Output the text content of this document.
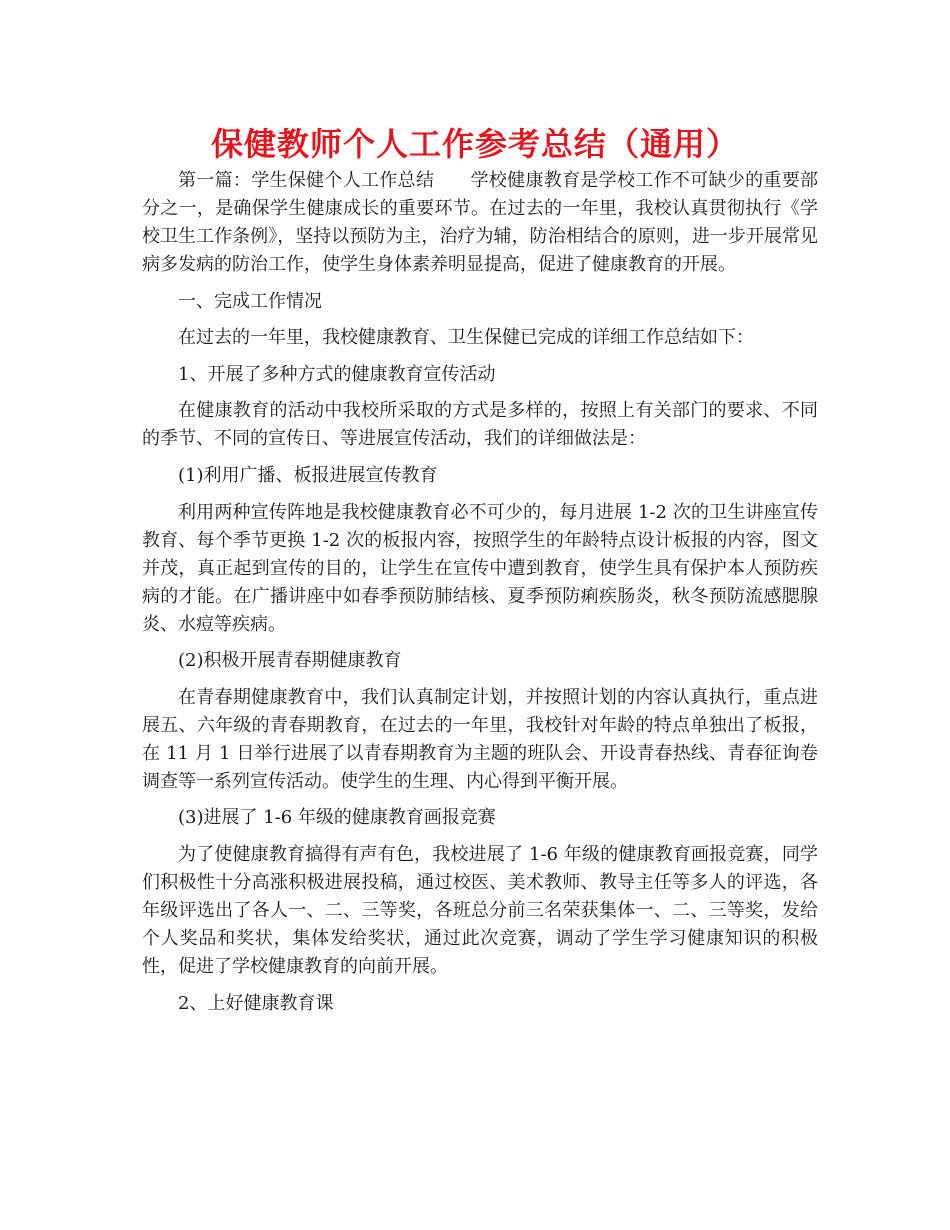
保健教师个人工作参考总结（通用）

第一篇：学生保健个人工作总结 学校健康教育是学校工作不可缺少的重要部分之一，是确保学生健康成长的重要环节。在过去的一年里，我校认真贯彻执行《学校卫生工作条例》，坚持以预防为主，治疗为辅，防治相结合的原则，进一步开展常见病多发病的防治工作，使学生身体素养明显提高，促进了健康教育的开展。

一、完成工作情况

在过去的一年里，我校健康教育、卫生保健已完成的详细工作总结如下：

1、开展了多种方式的健康教育宣传活动

在健康教育的活动中我校所采取的方式是多样的，按照上有关部门的要求、不同的季节、不同的宣传日、等进展宣传活动，我们的详细做法是：

(1)利用广播、板报进展宣传教育

利用两种宣传阵地是我校健康教育必不可少的，每月进展 1-2 次的卫生讲座宣传教育、每个季节更换 1-2 次的板报内容，按照学生的年龄特点设计板报的内容，图文并茂，真正起到宣传的目的，让学生在宣传中遭到教育，使学生具有保护本人预防疾病的才能。在广播讲座中如春季预防肺结核、夏季预防痢疾肠炎，秋冬预防流感腮腺炎、水痘等疾病。

(2)积极开展青春期健康教育

在青春期健康教育中，我们认真制定计划，并按照计划的内容认真执行，重点进展五、六年级的青春期教育，在过去的一年里，我校针对年龄的特点单独出了板报，在 11 月 1 日举行进展了以青春期教育为主题的班队会、开设青春热线、青春征询卷调查等一系列宣传活动。使学生的生理、内心得到平衡开展。

(3)进展了 1-6 年级的健康教育画报竞赛

为了使健康教育搞得有声有色，我校进展了 1-6 年级的健康教育画报竞赛，同学们积极性十分高涨积极进展投稿，通过校医、美术教师、教导主任等多人的评选，各年级评选出了各人一、二、三等奖，各班总分前三名荣获集体一、二、三等奖，发给个人奖品和奖状，集体发给奖状，通过此次竞赛，调动了学生学习健康知识的积极性，促进了学校健康教育的向前开展。

2、上好健康教育课
